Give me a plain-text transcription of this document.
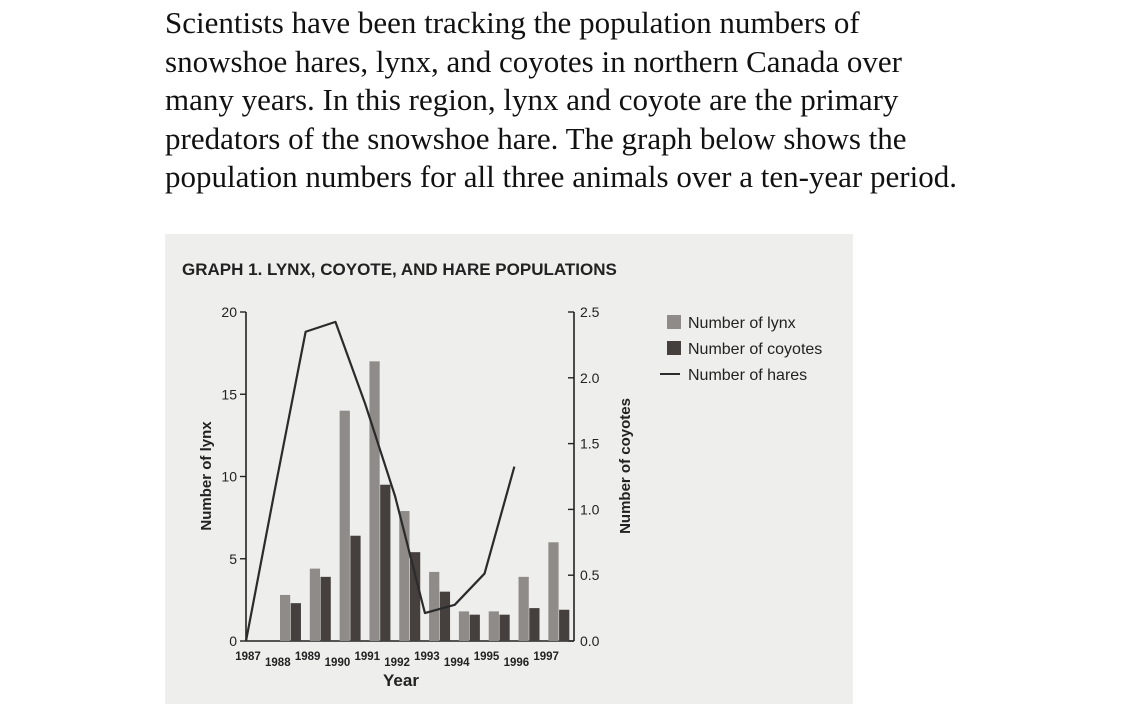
Scientists have been tracking the population numbers of snowshoe hares, lynx, and coyotes in northern Canada over many years. In this region, lynx and coyote are the primary predators of the snowshoe hare. The graph below shows the population numbers for all three animals over a ten-year period.

GRAPH 1. LYNX, COYOTE, AND HARE POPULATIONS
0
5
10
15
20
0.0
0.5
1.0
1.5
2.0
2.5
1987 1988 1989 1990 1991 1992 1993 1994 1995 1996 1997
Number of lynx	Number of coyotes
Year
Number of lynx
Number of coyotes
Number of hares
